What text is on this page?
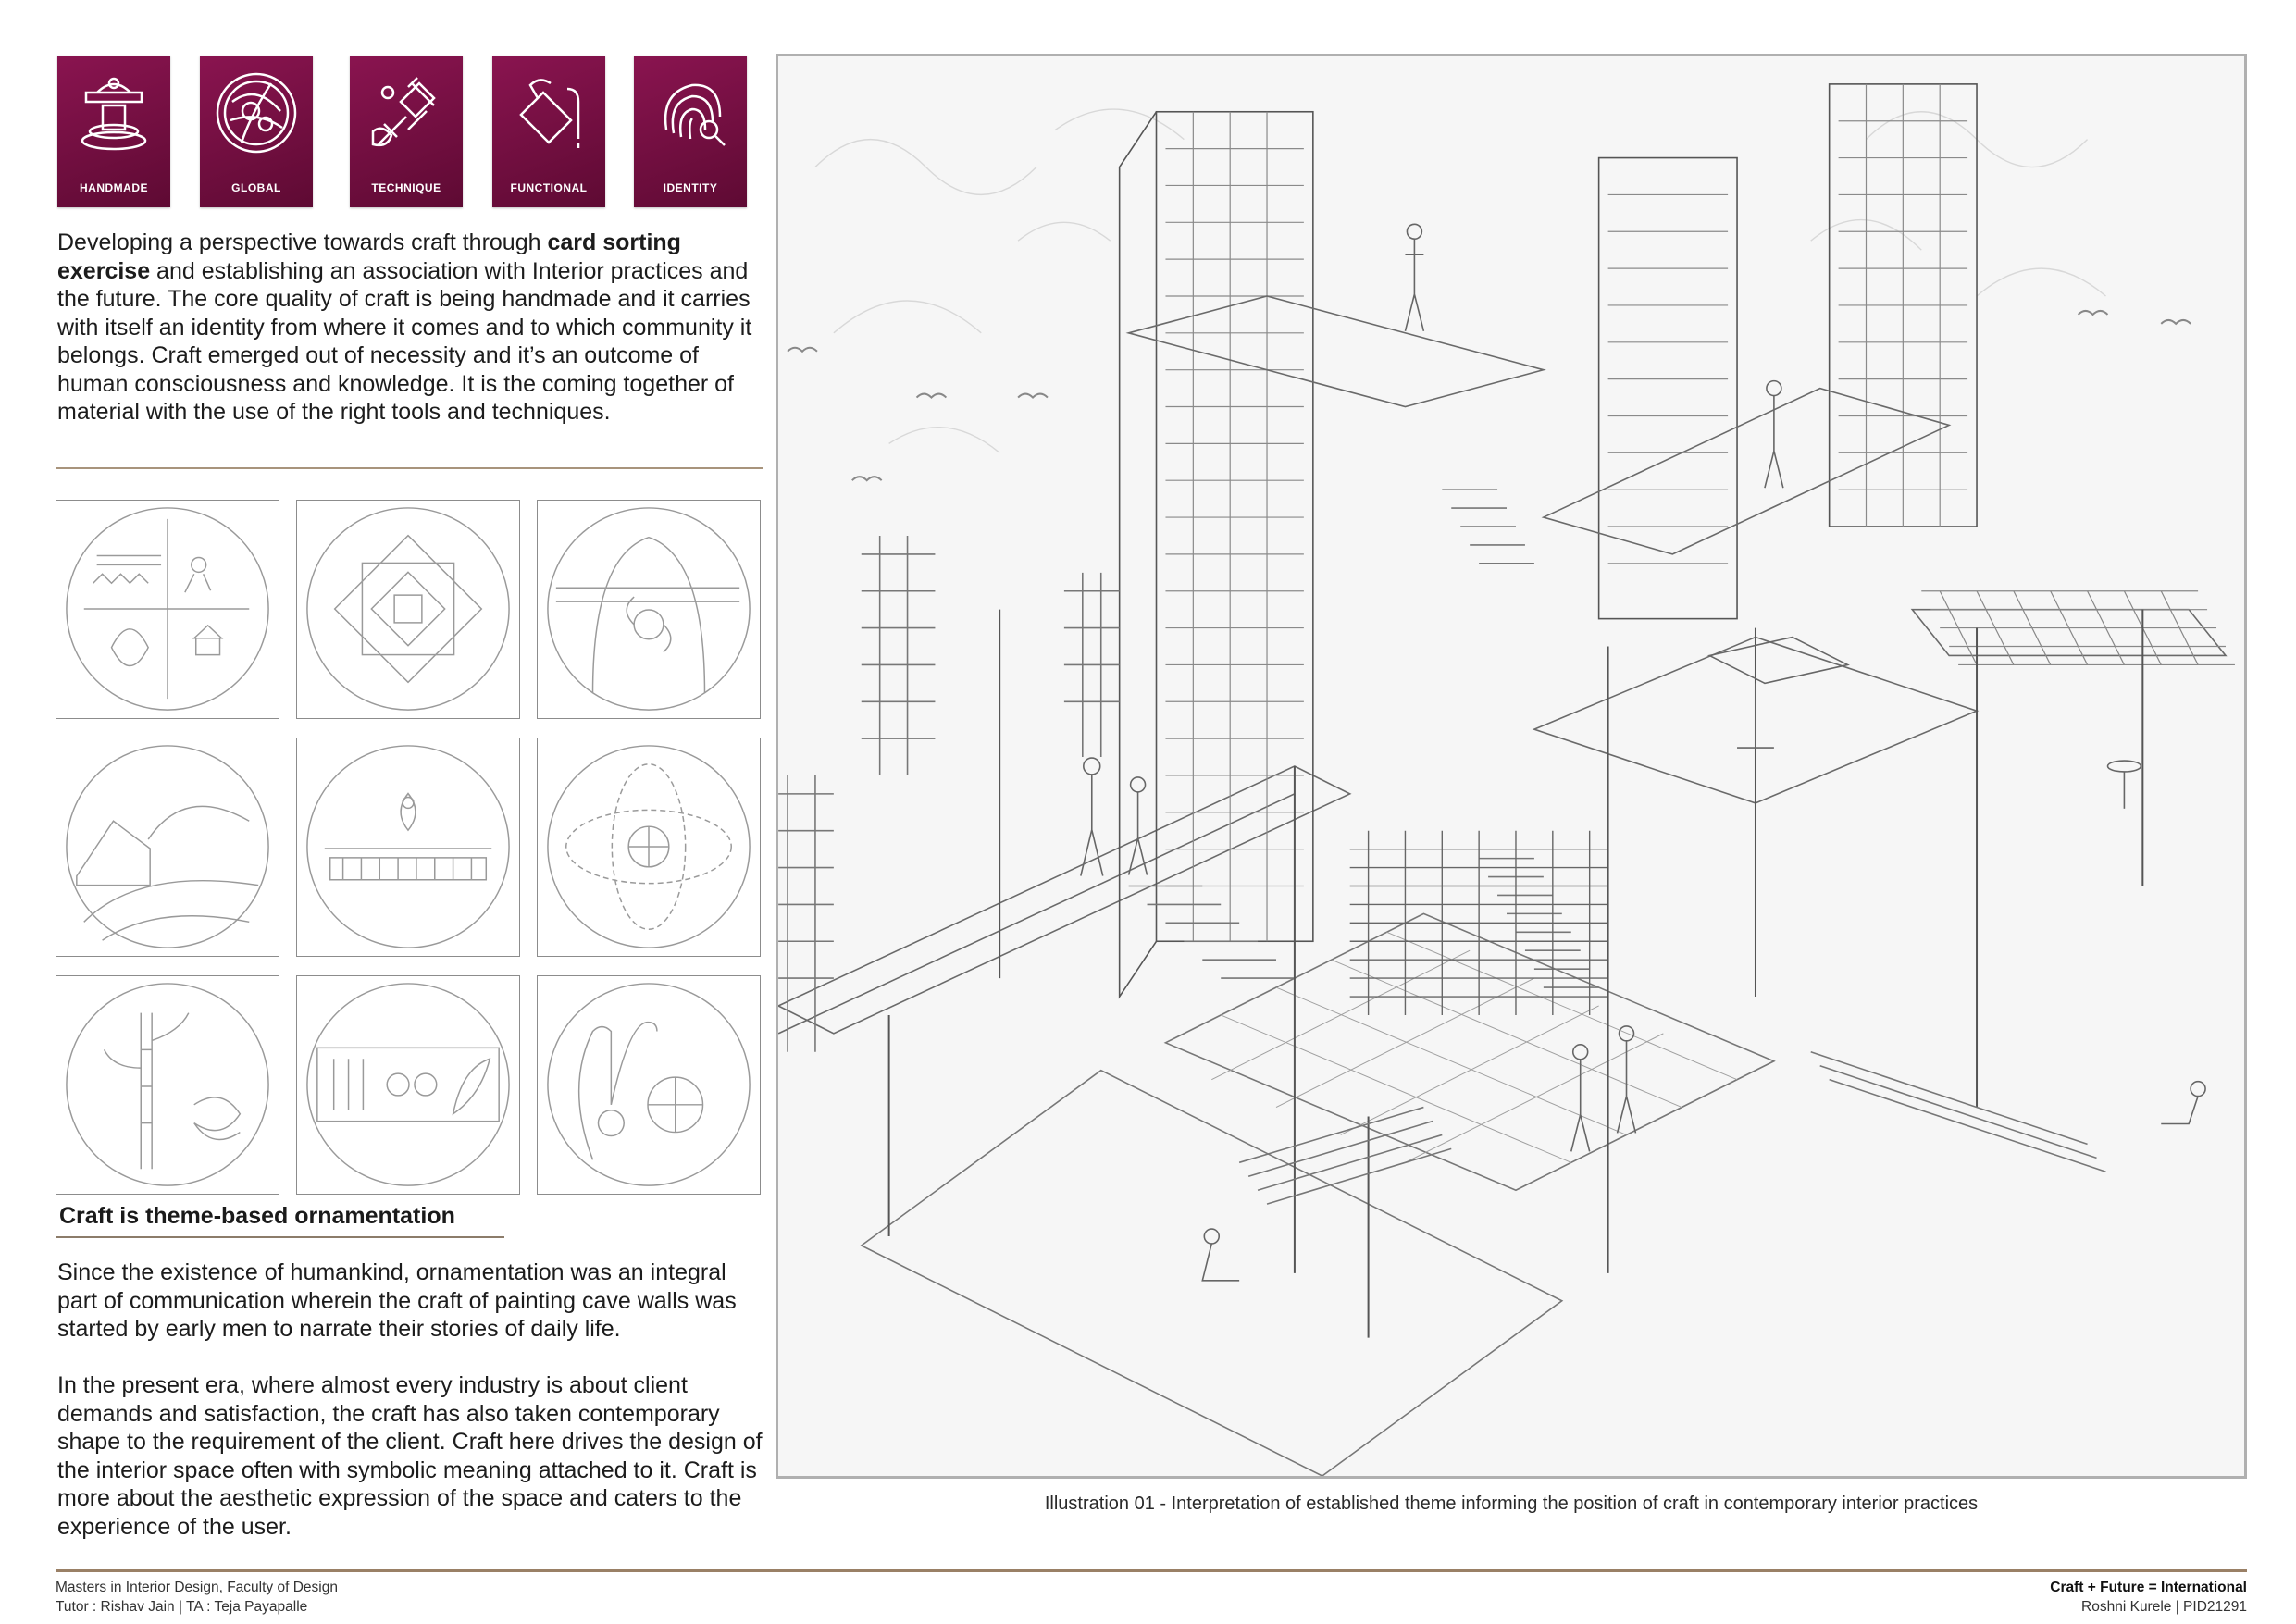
HANDMADE	GLOBAL	TECHNIQUE	FUNCTIONAL	IDENTITY
Developing a perspective towards craft through card sorting exercise and establishing an association with Interior practices and the future. The core quality of craft is being handmade and it carries with itself an identity from where it comes and to which community it belongs. Craft emerged out of necessity and it’s an outcome of human consciousness and knowledge. It is the coming together of material with the use of the right tools and techniques.
Craft is theme-based ornamentation
Since the existence of humankind, ornamentation was an integral part of communication wherein the craft of painting cave walls was started by early men to narrate their stories of daily life.
In the present era, where almost every industry is about client demands and satisfaction, the craft has also taken contemporary shape to the requirement of the client. Craft here drives the design of the interior space often with symbolic meaning attached to it. Craft is more about the aesthetic expression of the space and caters to the experience of the user.
Illustration 01 - Interpretation of established theme informing the position of craft in contemporary interior practices
Masters in Interior Design, Faculty of Design
Tutor : Rishav Jain | TA : Teja Payapalle
Craft + Future = International
Roshni Kurele | PID21291
